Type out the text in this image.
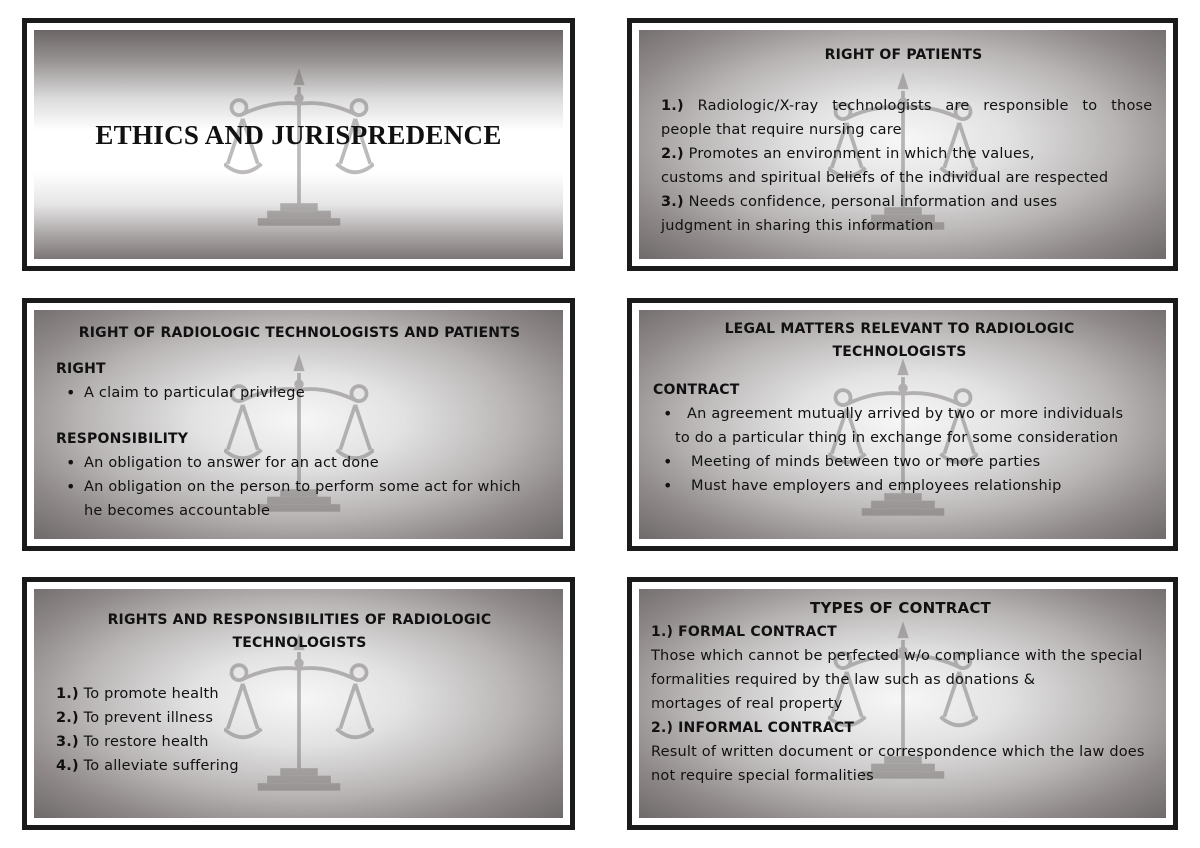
ETHICS AND JURISPREDENCE
RIGHT OF PATIENTS
1.) Radiologic/X-ray technologists are responsible to those
people that require nursing care
2.) Promotes an environment in which the values,
customs and spiritual beliefs of the individual are respected
3.) Needs confidence, personal information and uses
judgment in sharing this information
RIGHT OF RADIOLOGIC TECHNOLOGISTS AND PATIENTS
RIGHT
• A claim to particular privilege
RESPONSIBILITY
• An obligation to answer for an act done
• An obligation on the person to perform some act for which
he becomes accountable
LEGAL MATTERS RELEVANT TO RADIOLOGIC
TECHNOLOGISTS
CONTRACT
• An agreement mutually arrived by two or more individuals
to do a particular thing in exchange for some consideration
• Meeting of minds between two or more parties
• Must have employers and employees relationship
RIGHTS AND RESPONSIBILITIES OF RADIOLOGIC
TECHNOLOGISTS
1.) To promote health
2.) To prevent illness
3.) To restore health
4.) To alleviate suffering
TYPES OF CONTRACT
1.) FORMAL CONTRACT
Those which cannot be perfected w/o compliance with the special
formalities required by the law such as donations &
mortages of real property
2.) INFORMAL CONTRACT
Result of written document or correspondence which the law does
not require special formalities
